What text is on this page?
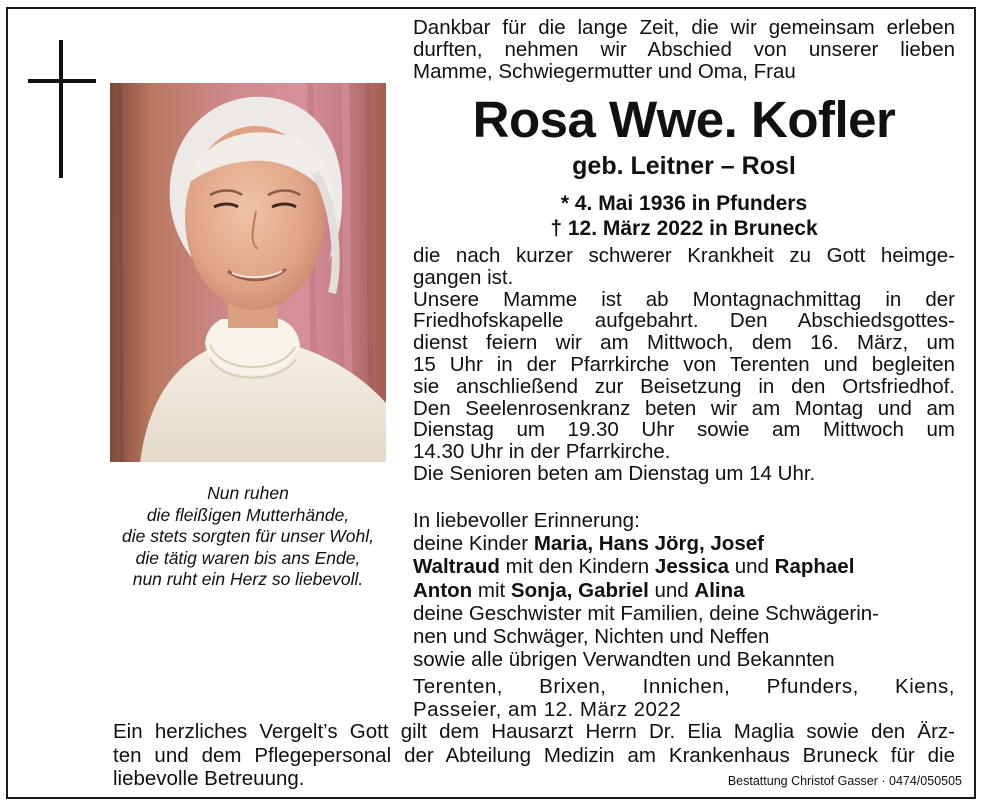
Nun ruhen
die fleißigen Mutterhände,
die stets sorgten für unser Wohl,
die tätig waren bis ans Ende,
nun ruht ein Herz so liebevoll.
Dankbar für die lange Zeit, die wir gemeinsam erleben
durften, nehmen wir Abschied von unserer lieben
Mamme, Schwiegermutter und Oma, Frau
Rosa Wwe. Kofler
geb. Leitner – Rosl
* 4. Mai 1936 in Pfunders
† 12. März 2022 in Bruneck
die nach kurzer schwerer Krankheit zu Gott heimge-
gangen ist.
Unsere Mamme ist ab Montagnachmittag in der
Friedhofskapelle aufgebahrt. Den Abschiedsgottes-
dienst feiern wir am Mittwoch, dem 16. März, um
15 Uhr in der Pfarrkirche von Terenten und begleiten
sie anschließend zur Beisetzung in den Ortsfriedhof.
Den Seelenrosenkranz beten wir am Montag und am
Dienstag um 19.30 Uhr sowie am Mittwoch um
14.30 Uhr in der Pfarrkirche.
Die Senioren beten am Dienstag um 14 Uhr.
In liebevoller Erinnerung:
deine Kinder Maria, Hans Jörg, Josef
Waltraud mit den Kindern Jessica und Raphael
Anton mit Sonja, Gabriel und Alina
deine Geschwister mit Familien, deine Schwägerin-
nen und Schwäger, Nichten und Neffen
sowie alle übrigen Verwandten und Bekannten
Terenten, Brixen, Innichen, Pfunders, Kiens,
Passeier, am 12. März 2022
Ein herzliches Vergelt’s Gott gilt dem Hausarzt Herrn Dr. Elia Maglia sowie den Ärz-
ten und dem Pflegepersonal der Abteilung Medizin am Krankenhaus Bruneck für die
liebevolle Betreuung.	Bestattung Christof Gasser · 0474/050505
